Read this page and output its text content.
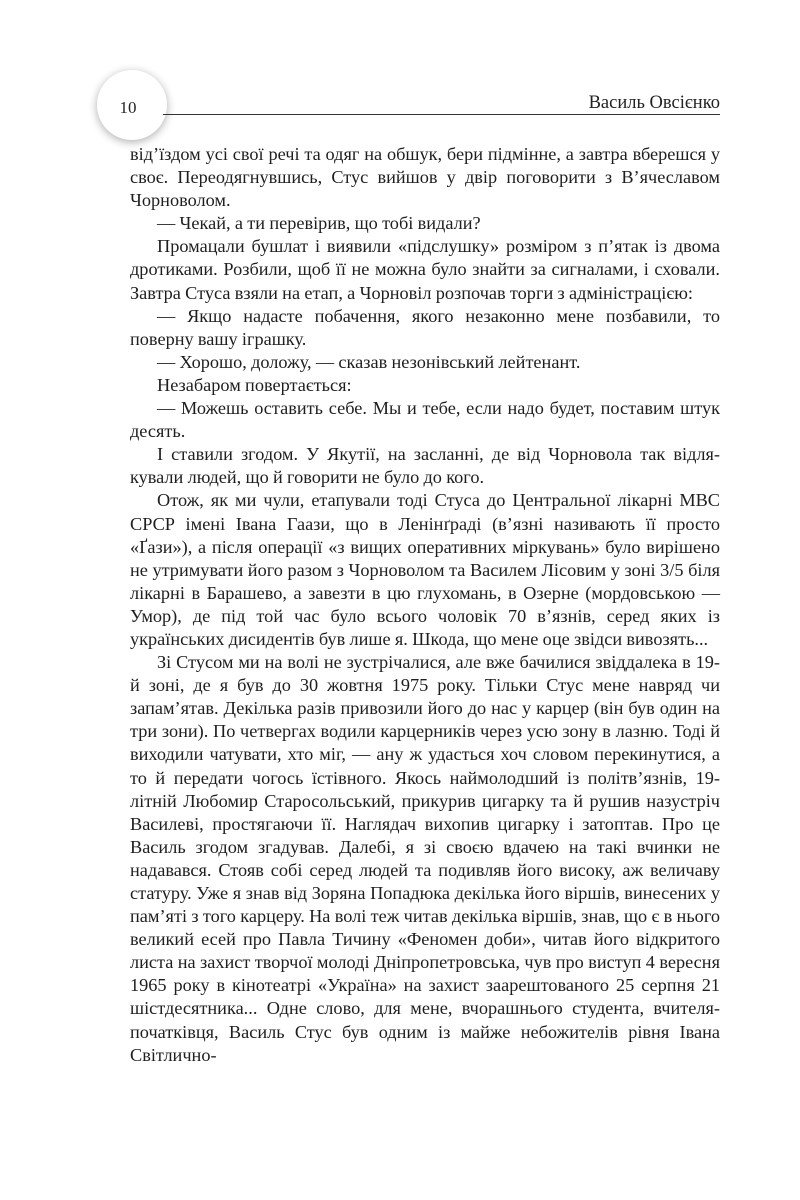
10	Василь Овсієнко

від’їздом усі свої речі та одяг на обшук, бери підмінне, а завтра вберешся у своє. Переодягнувшись, Стус вийшов у двір поговорити з В’ячеславом Чорноволом.

— Чекай, а ти перевірив, що тобі видали?

Промацали бушлат і виявили «підслушку» розміром з п’ятак із двома дротиками. Розбили, щоб її не можна було знайти за сигналами, і сховали. Завтра Стуса взяли на етап, а Чорновіл розпочав торги з адміністрацією:

— Якщо надасте побачення, якого незаконно мене позбавили, то поверну вашу іграшку.

— Хорошо, доложу, — сказав незонівський лейтенант.

Незабаром повертається:

— Можешь оставить себе. Мы и тебе, если надо будет, поставим штук десять.

І ставили згодом. У Якутії, на засланні, де від Чорновола так відлякували людей, що й говорити не було до кого.

Отож, як ми чули, етапували тоді Стуса до Центральної лікарні МВС СРСР імені Івана Гаази, що в Ленінґраді (в’язні називають її просто «Ґази»), а після операції «з вищих оперативних міркувань» було вирішено не утримувати його разом з Чорноволом та Василем Лісовим у зоні 3/5 біля лікарні в Барашево, а завезти в цю глухомань, в Озерне (мордовською — Умор), де під той час було всього чоловік 70 в’язнів, серед яких із українських дисидентів був лише я. Шкода, що мене оце звідси вивозять...

Зі Стусом ми на волі не зустрічалися, але вже бачилися звіддалека в 19-й зоні, де я був до 30 жовтня 1975 року. Тільки Стус мене навряд чи запам’ятав. Декілька разів привозили його до нас у карцер (він був один на три зони). По четвергах водили карцерників через усю зону в лазню. Тоді й виходили чатувати, хто міг, — ану ж удасться хоч словом перекинутися, а то й передати чогось їстівного. Якось наймолодший із політв’язнів, 19-літній Любомир Старосольський, прикурив цигарку та й рушив назустріч Василеві, простягаючи її. Наглядач вихопив цигарку і затоптав. Про це Василь згодом згадував. Далебі, я зі своєю вдачею на такі вчинки не надавався. Стояв собі серед людей та подивляв його високу, аж величаву статуру. Уже я знав від Зоряна Попадюка декілька його віршів, винесених у пам’яті з того карцеру. На волі теж читав декілька віршів, знав, що є в нього великий есей про Павла Тичину «Феномен доби», читав його відкритого листа на захист творчої молоді Дніпропетровська, чув про виступ 4 вересня 1965 року в кінотеатрі «Україна» на захист заарештованого 25 серпня 21 шістдесятника... Одне слово, для мене, вчорашнього студента, вчителя-початківця, Василь Стус був одним із майже небожителів рівня Івана Світлично-
